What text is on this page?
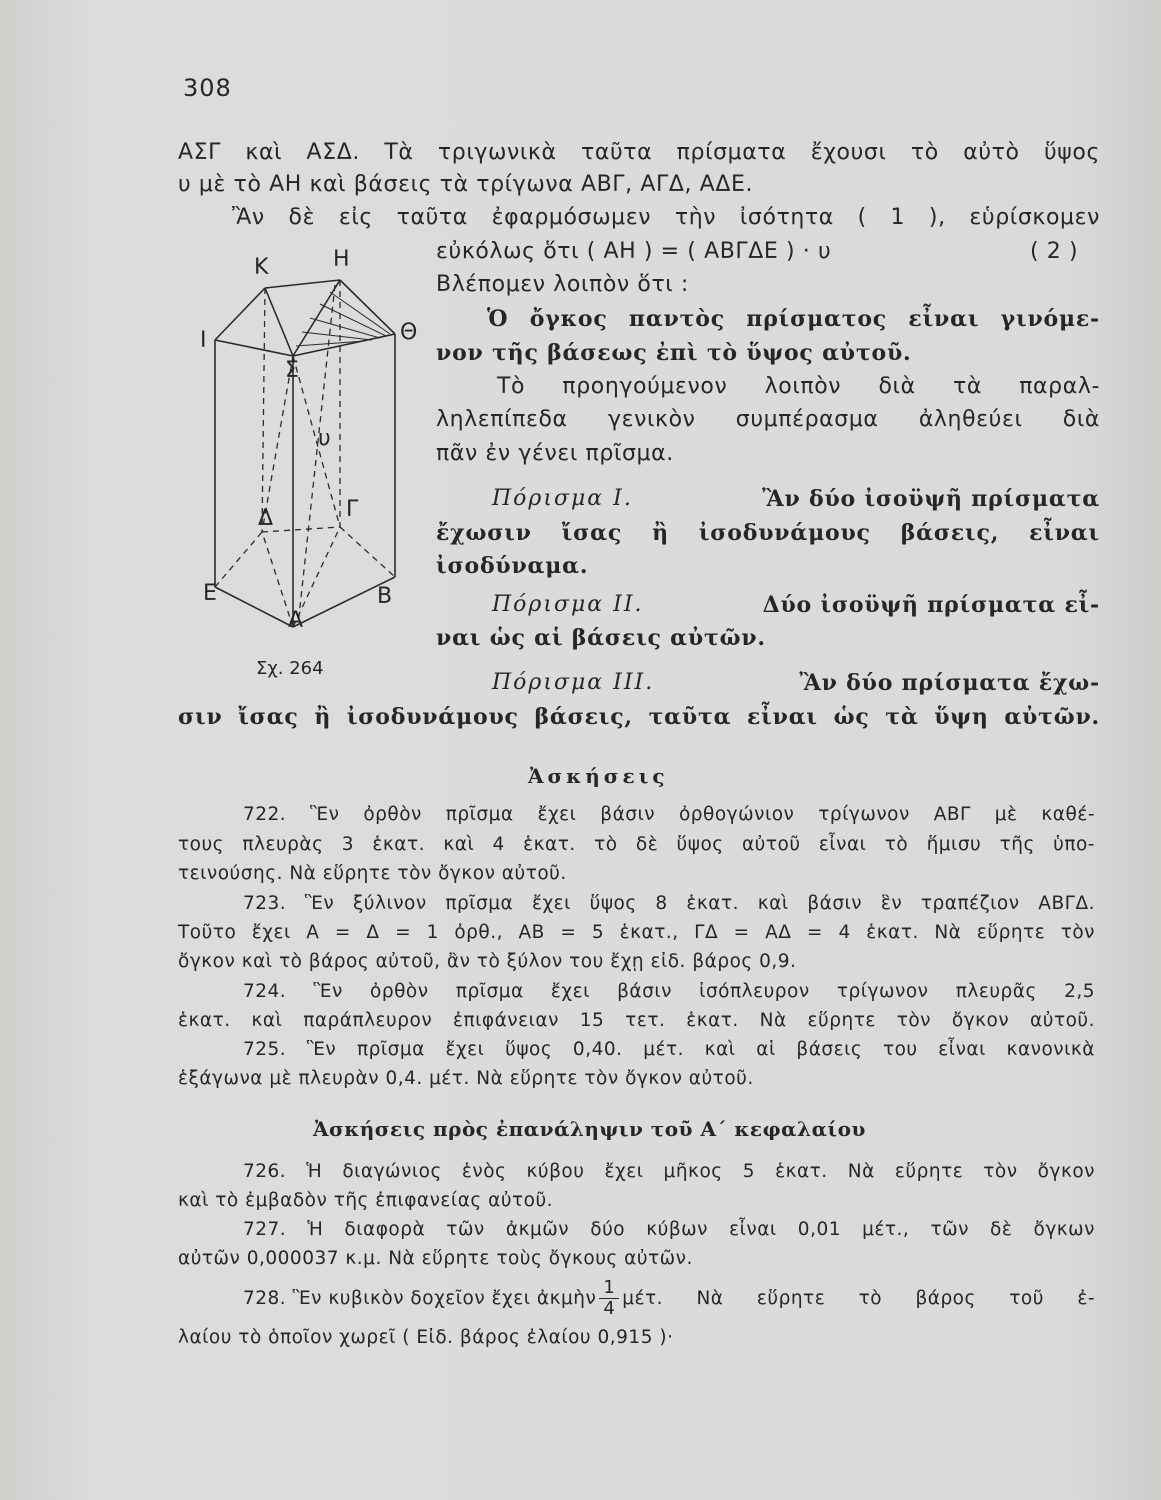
308
ΑΣΓ καὶ ΑΣΔ. Τὰ τριγωνικὰ ταῦτα πρίσματα ἔχουσι τὸ αὐτὸ ὕψος
υ μὲ τὸ ΑΗ καὶ βάσεις τὰ τρίγωνα ΑΒΓ, ΑΓΔ, ΑΔΕ.
Ἂν δὲ εἰς ταῦτα ἐφαρμόσωμεν τὴν ἰσότητα ( 1 ), εὑρίσκομεν
εὐκόλως ὅτι ( ΑΗ ) = ( ΑΒΓΔΕ ) · υ	( 2 )
Βλέπομεν λοιπὸν ὅτι :
Ὁ ὄγκος παντὸς πρίσματος εἶναι γινόμε-
νον τῆς βάσεως ἐπὶ τὸ ὕψος αὐτοῦ.
Τὸ προηγούμενον λοιπὸν διὰ τὰ παραλ-
ληλεπίπεδα γενικὸν συμπέρασμα ἀληθεύει διὰ
πᾶν ἐν γένει πρῖσμα.
Πόρισμα Ι.	Ἂν δύο ἰσοϋψῆ πρίσματα
ἔχωσιν ἴσας ἢ ἰσοδυνάμους βάσεις, εἶναι
ἰσοδύναμα.
Πόρισμα ΙΙ.	Δύο ἰσοϋψῆ πρίσματα εἶ-
ναι ὡς αἱ βάσεις αὐτῶν.
Πόρισμα ΙΙΙ.	Ἂν δύο πρίσματα ἔχω-
σιν ἴσας ἢ ἰσοδυνάμους βάσεις, ταῦτα εἶναι ὡς τὰ ὕψη αὐτῶν.
Κ	Η
Ι	Θ
Σ
υ
Δ	Γ
Ε
Α
Β
Σχ. 264
Ἀσκήσεις
722. Ἓν ὀρθὸν πρῖσμα ἔχει βάσιν ὀρθογώνιον τρίγωνον ΑΒΓ μὲ καθέ-
τους πλευρὰς 3 ἑκατ. καὶ 4 ἑκατ. τὸ δὲ ὕψος αὐτοῦ εἶναι τὸ ἥμισυ τῆς ὑπο-
τεινούσης. Νὰ εὕρητε τὸν ὄγκον αὐτοῦ.
723. Ἓν ξύλινον πρῖσμα ἔχει ὕψος 8 ἑκατ. καὶ βάσιν ἓν τραπέζιον ΑΒΓΔ.
Τοῦτο ἔχει Α = Δ = 1 ὀρθ., ΑΒ = 5 ἑκατ., ΓΔ = ΑΔ = 4 ἑκατ. Νὰ εὕρητε τὸν
ὄγκον καὶ τὸ βάρος αὐτοῦ, ἂν τὸ ξύλον του ἔχῃ εἰδ. βάρος 0,9.
724. Ἓν ὀρθὸν πρῖσμα ἔχει βάσιν ἰσόπλευρον τρίγωνον πλευρᾶς 2,5
ἑκατ. καὶ παράπλευρον ἐπιφάνειαν 15 τετ. ἑκατ. Νὰ εὕρητε τὸν ὄγκον αὐτοῦ.
725. Ἓν πρῖσμα ἔχει ὕψος 0,40. μέτ. καὶ αἱ βάσεις του εἶναι κανονικὰ
ἑξάγωνα μὲ πλευρὰν 0,4. μέτ. Νὰ εὕρητε τὸν ὄγκον αὐτοῦ.
Ἀσκήσεις πρὸς ἐπανάληψιν τοῦ Α΄ κεφαλαίου
726. Ἡ διαγώνιος ἑνὸς κύβου ἔχει μῆκος 5 ἑκατ. Νὰ εὕρητε τὸν ὄγκον
καὶ τὸ ἐμβαδὸν τῆς ἐπιφανείας αὐτοῦ.
727. Ἡ διαφορὰ τῶν ἀκμῶν δύο κύβων εἶναι 0,01 μέτ., τῶν δὲ ὄγκων
αὐτῶν 0,000037 κ.μ. Νὰ εὕρητε τοὺς ὄγκους αὐτῶν.
728. Ἓν κυβικὸν δοχεῖον ἔχει ἀκμὴν $\frac{1}{4} \mu έ\tau$. Νὰ εὕρητε τὸ βάρος τοῦ ἐ-
λαίου τὸ ὁποῖον χωρεῖ ( Εἰδ. βάρος ἐλαίου 0,915 )·
